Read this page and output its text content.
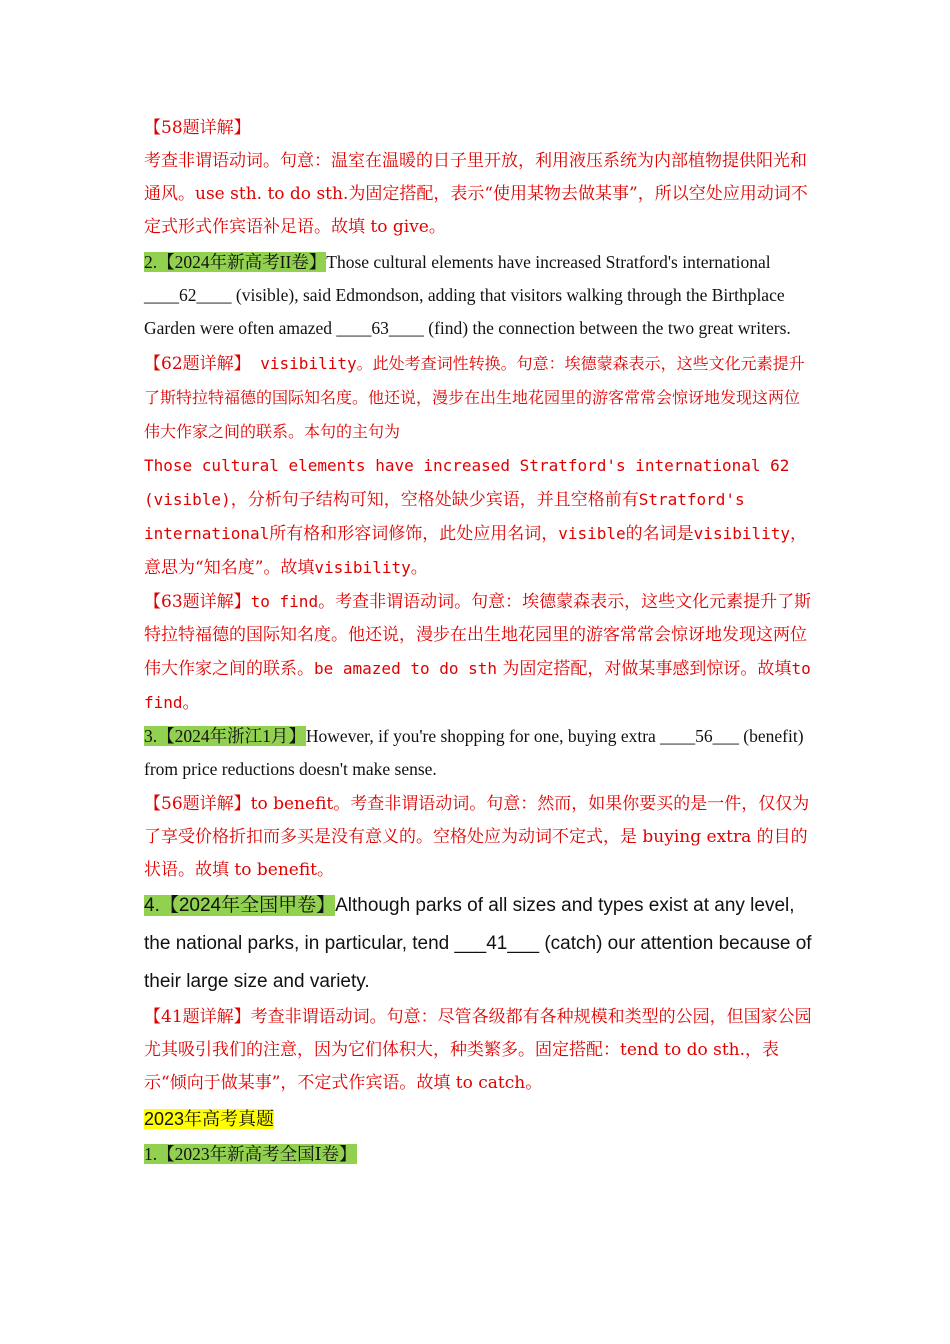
【58题详解】
考查非谓语动词。句意：温室在温暖的日子里开放，利用液压系统为内部植物提供阳光和通风。use sth. to do sth.为固定搭配，表示“使用某物去做某事”，所以空处应用动词不定式形式作宾语补足语。故填 to give。

2.【2024年新高考II卷】Those cultural elements have increased Stratford's international ____62____ (visible), said Edmondson, adding that visitors walking through the Birthplace Garden were often amazed ____63____ (find) the connection between the two great writers.

【62题详解】 visibility。此处考查词性转换。句意：埃德蒙森表示，这些文化元素提升了斯特拉特福德的国际知名度。他还说，漫步在出生地花园里的游客常常会惊讶地发现这两位伟大作家之间的联系。本句的主句为
Those cultural elements have increased Stratford's international 62 (visible)，分析句子结构可知，空格处缺少宾语，并且空格前有Stratford's international所有格和形容词修饰，此处应用名词，visible的名词是visibility，意思为“知名度”。故填visibility。

【63题详解】to find。考查非谓语动词。句意：埃德蒙森表示，这些文化元素提升了斯特拉特福德的国际知名度。他还说，漫步在出生地花园里的游客常常会惊讶地发现这两位伟大作家之间的联系。be amazed to do sth 为固定搭配，对做某事感到惊讶。故填to find。

3.【2024年浙江1月】However, if you're shopping for one, buying extra ____56___ (benefit) from price reductions doesn't make sense.

【56题详解】to benefit。考查非谓语动词。句意：然而，如果你要买的是一件，仅仅为了享受价格折扣而多买是没有意义的。空格处应为动词不定式，是 buying extra 的目的状语。故填 to benefit。

4.【2024年全国甲卷】Although parks of all sizes and types exist at any level, the national parks, in particular, tend ___41___ (catch) our attention because of their large size and variety.

【41题详解】考查非谓语动词。句意：尽管各级都有各种规模和类型的公园，但国家公园尤其吸引我们的注意，因为它们体积大，种类繁多。固定搭配：tend to do sth.，表示“倾向于做某事”，不定式作宾语。故填 to catch。

2023年高考真题

1.【2023年新高考全国Ⅰ卷】
